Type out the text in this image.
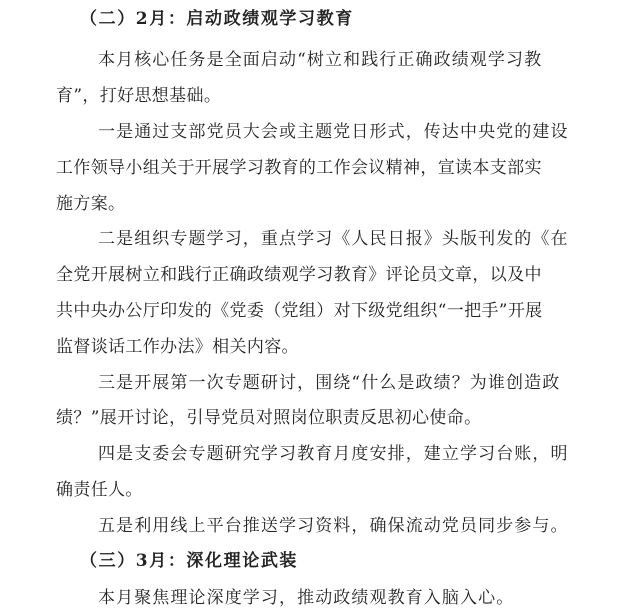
（二）2月：启动政绩观学习教育
本月核心任务是全面启动“树立和践行正确政绩观学习教
育”，打好思想基础。
一是通过支部党员大会或主题党日形式，传达中央党的建设
工作领导小组关于开展学习教育的工作会议精神，宣读本支部实
施方案。
二是组织专题学习，重点学习《人民日报》头版刊发的《在
全党开展树立和践行正确政绩观学习教育》评论员文章，以及中
共中央办公厅印发的《党委（党组）对下级党组织“一把手”开展
监督谈话工作办法》相关内容。
三是开展第一次专题研讨，围绕“什么是政绩？为谁创造政
绩？”展开讨论，引导党员对照岗位职责反思初心使命。
四是支委会专题研究学习教育月度安排，建立学习台账，明
确责任人。
五是利用线上平台推送学习资料，确保流动党员同步参与。
（三）3月：深化理论武装
本月聚焦理论深度学习，推动政绩观教育入脑入心。
